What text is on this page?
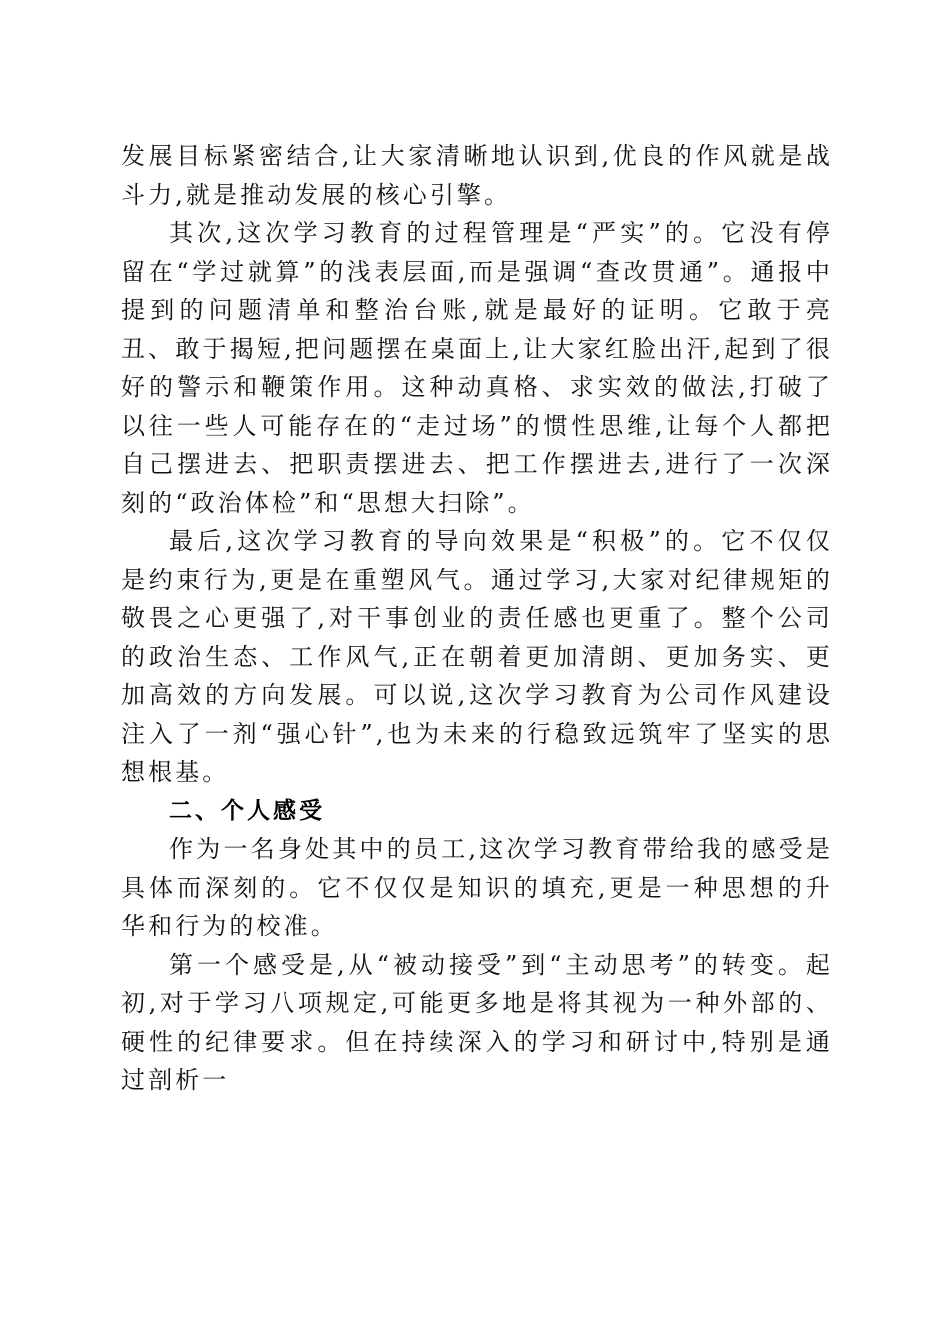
发展目标紧密结合,让大家清晰地认识到,优良的作风就是战斗力,就是推动发展的核心引擎。

其次,这次学习教育的过程管理是“严实”的。它没有停留在“学过就算”的浅表层面,而是强调“查改贯通”。通报中提到的问题清单和整治台账,就是最好的证明。它敢于亮丑、敢于揭短,把问题摆在桌面上,让大家红脸出汗,起到了很好的警示和鞭策作用。这种动真格、求实效的做法,打破了以往一些人可能存在的“走过场”的惯性思维,让每个人都把自己摆进去、把职责摆进去、把工作摆进去,进行了一次深刻的“政治体检”和“思想大扫除”。

最后,这次学习教育的导向效果是“积极”的。它不仅仅是约束行为,更是在重塑风气。通过学习,大家对纪律规矩的敬畏之心更强了,对干事创业的责任感也更重了。整个公司的政治生态、工作风气,正在朝着更加清朗、更加务实、更加高效的方向发展。可以说,这次学习教育为公司作风建设注入了一剂“强心针”,也为未来的行稳致远筑牢了坚实的思想根基。

二、个人感受

作为一名身处其中的员工,这次学习教育带给我的感受是具体而深刻的。它不仅仅是知识的填充,更是一种思想的升华和行为的校准。

第一个感受是,从“被动接受”到“主动思考”的转变。起初,对于学习八项规定,可能更多地是将其视为一种外部的、硬性的纪律要求。但在持续深入的学习和研讨中,特别是通过剖析一
